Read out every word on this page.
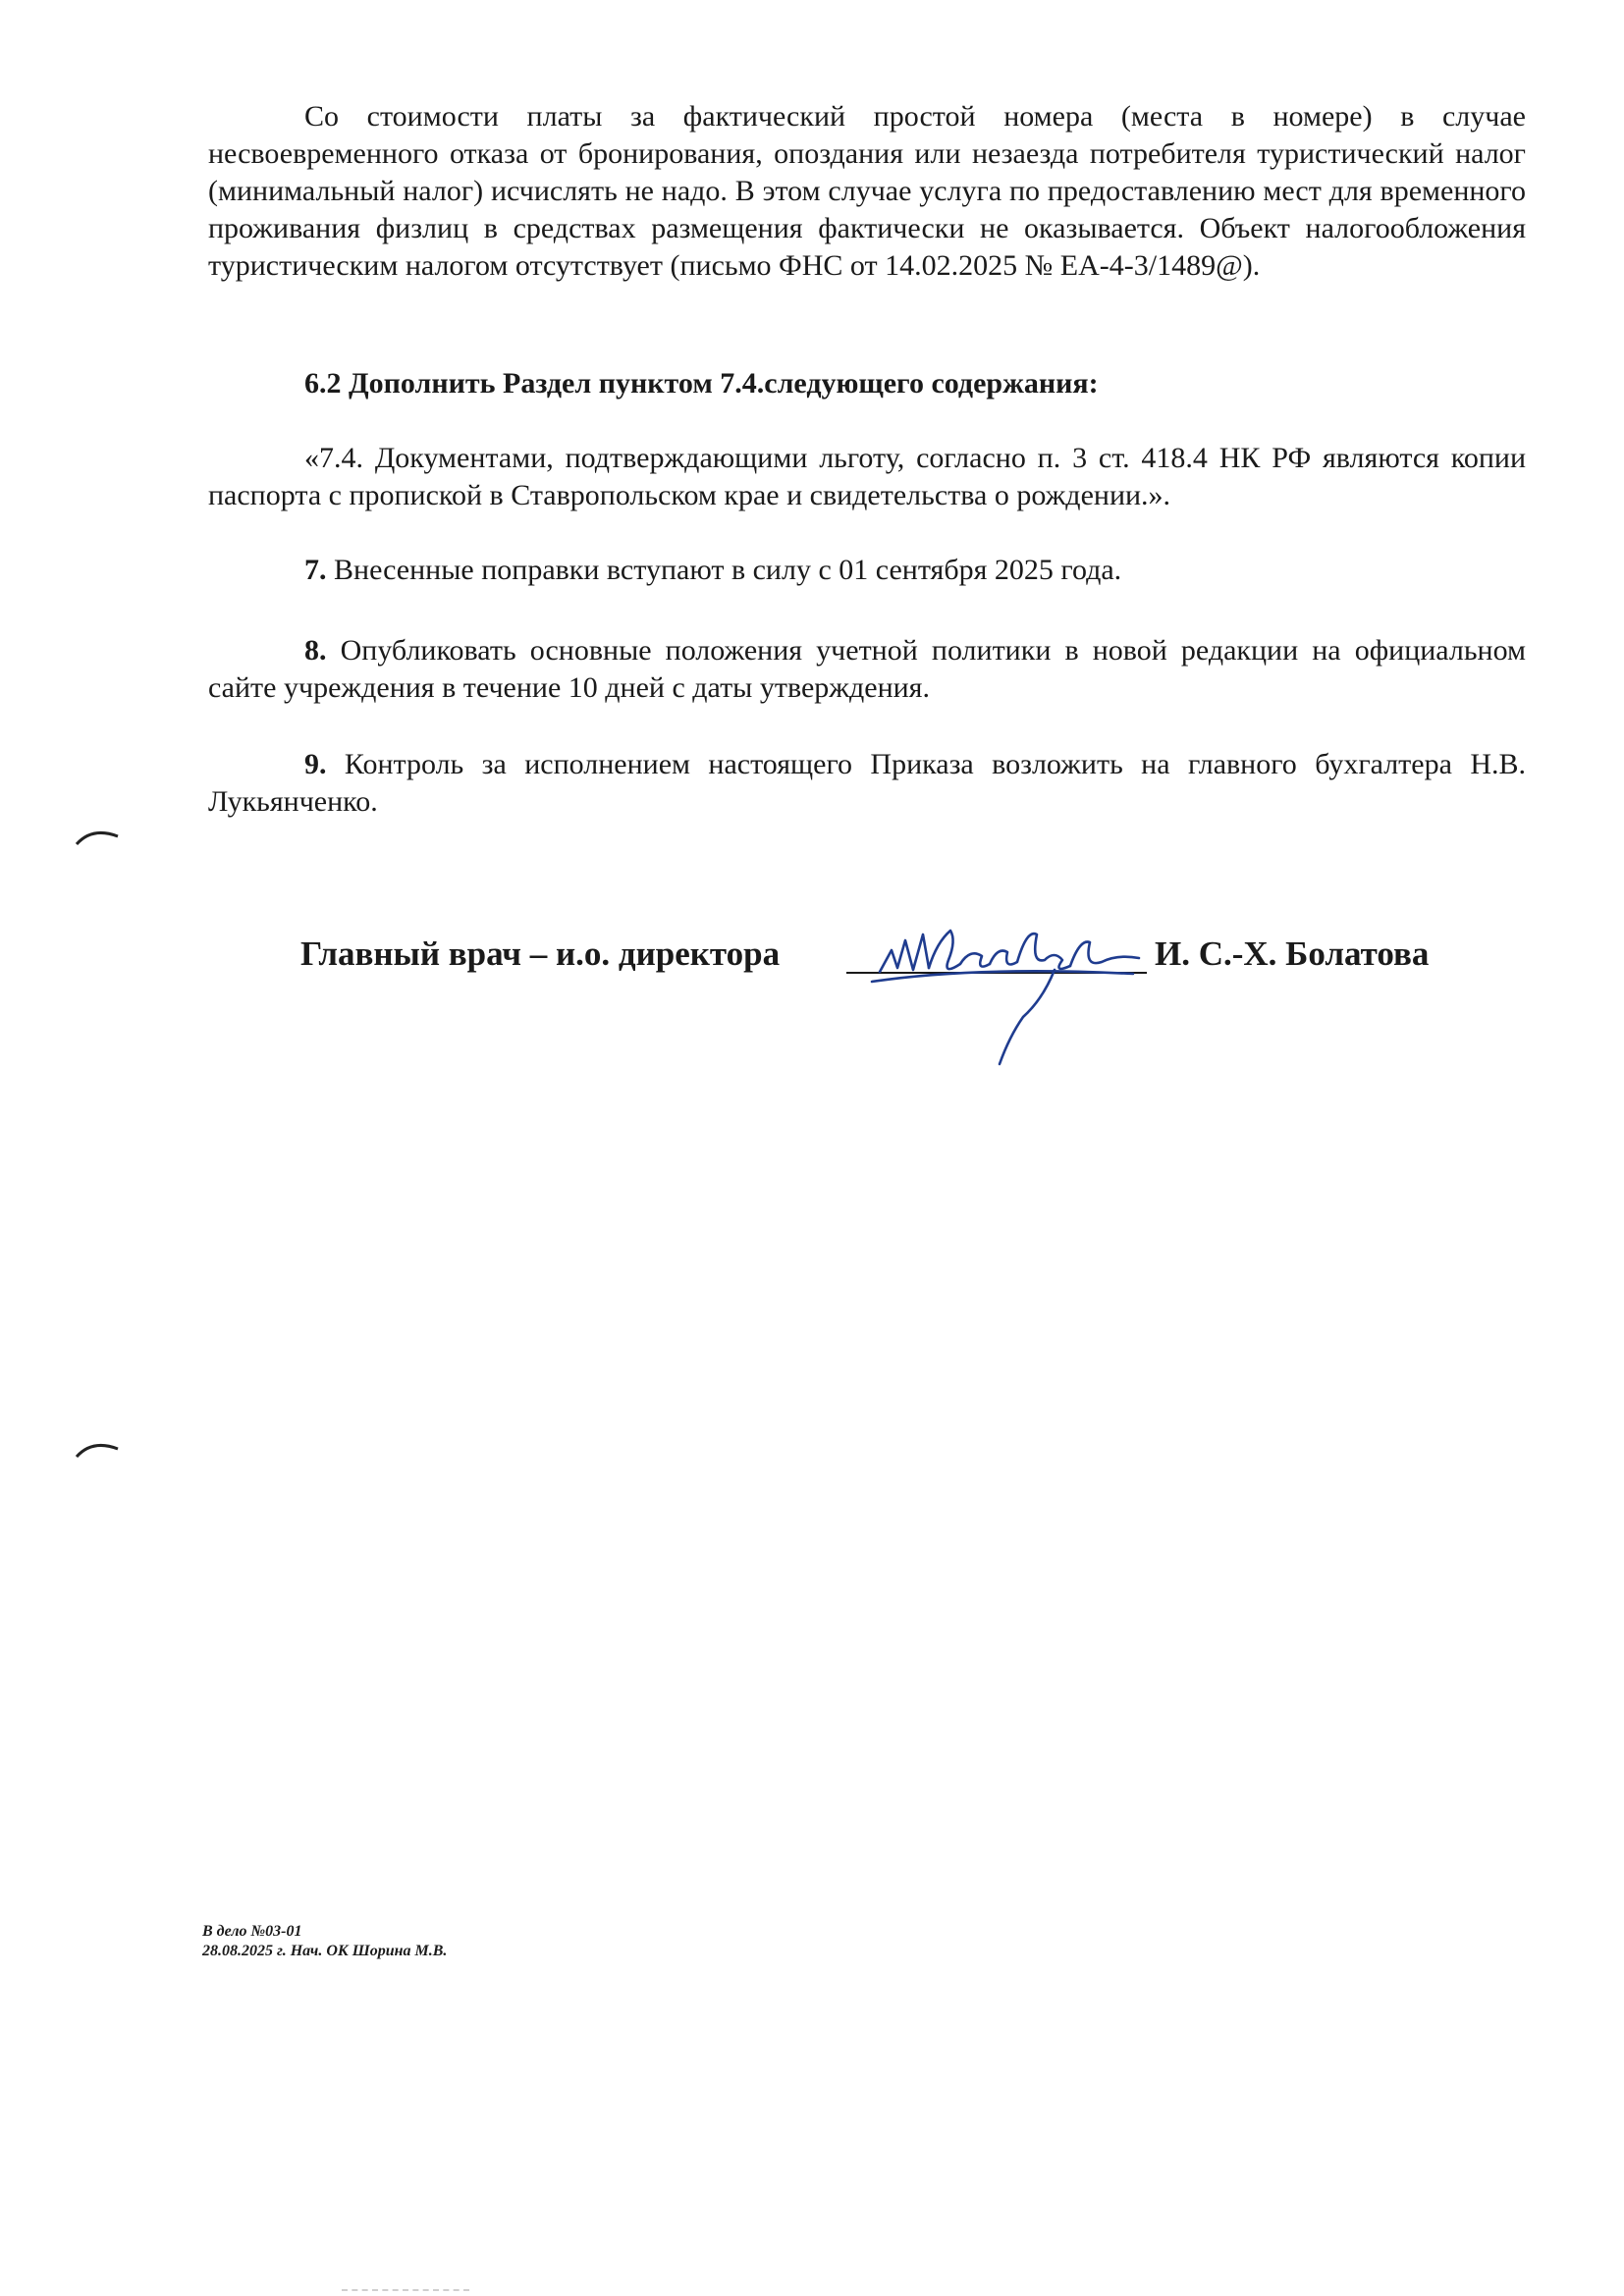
Со стоимости платы за фактический простой номера (места в номере) в случае несвоевременного отказа от бронирования, опоздания или незаезда потребителя туристический налог (минимальный налог) исчислять не надо. В этом случае услуга по предоставлению мест для временного проживания физлиц в средствах размещения фактически не оказывается. Объект налогообложения туристическим налогом отсутствует (письмо ФНС от 14.02.2025 № ЕА-4-3/1489@).
6.2 Дополнить Раздел пунктом 7.4.следующего содержания:
«7.4. Документами, подтверждающими льготу, согласно п. 3 ст. 418.4 НК РФ являются копии паспорта с пропиской в Ставропольском крае и свидетельства о рождении.».
7. Внесенные поправки вступают в силу с 01 сентября 2025 года.
8. Опубликовать основные положения учетной политики в новой редакции на официальном сайте учреждения в течение 10 дней с даты утверждения.
9. Контроль за исполнением настоящего Приказа возложить на главного бухгалтера Н.В. Лукьянченко.
Главный врач – и.о. директора	И. С.-Х. Болатова
В дело №03-01
28.08.2025 г. Нач. ОК Шорина М.В.
